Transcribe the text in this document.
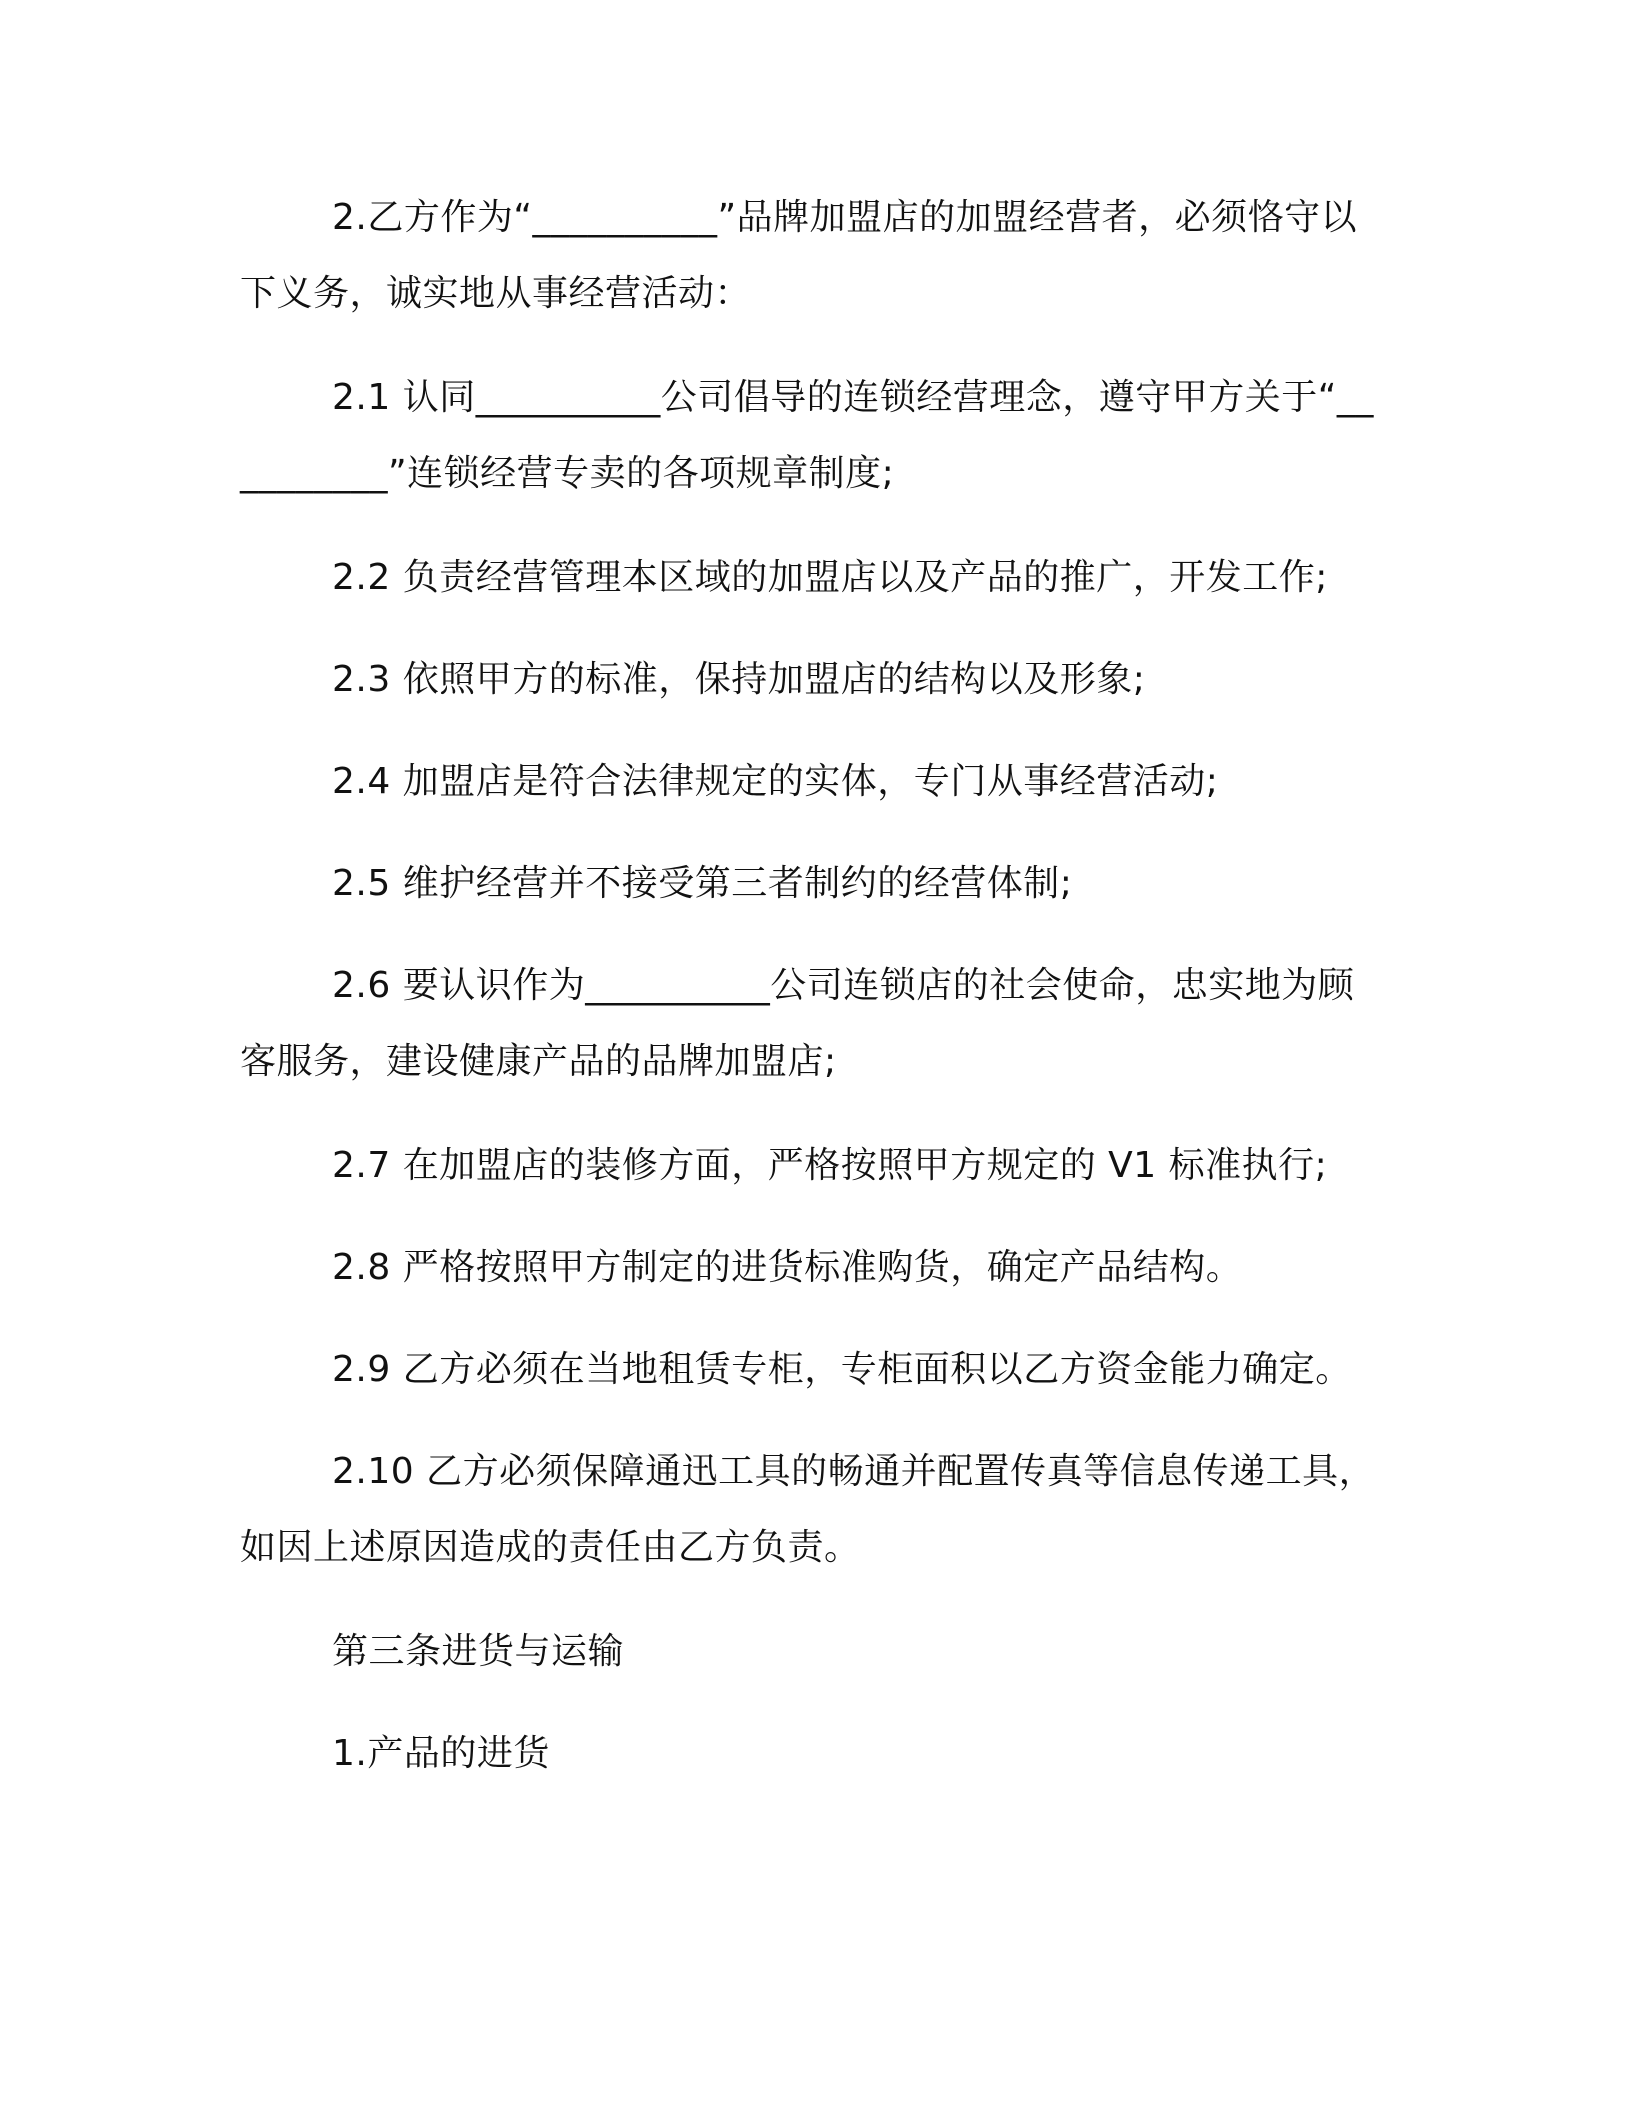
2.乙方作为“__________”品牌加盟店的加盟经营者，必须恪守以下义务，诚实地从事经营活动：

2.1 认同__________公司倡导的连锁经营理念，遵守甲方关于“__________”连锁经营专卖的各项规章制度;

2.2 负责经营管理本区域的加盟店以及产品的推广，开发工作;

2.3 依照甲方的标准，保持加盟店的结构以及形象;

2.4 加盟店是符合法律规定的实体，专门从事经营活动;

2.5 维护经营并不接受第三者制约的经营体制;

2.6 要认识作为__________公司连锁店的社会使命，忠实地为顾客服务，建设健康产品的品牌加盟店;

2.7 在加盟店的装修方面，严格按照甲方规定的 V1 标准执行;

2.8 严格按照甲方制定的进货标准购货，确定产品结构。

2.9 乙方必须在当地租赁专柜，专柜面积以乙方资金能力确定。

2.10 乙方必须保障通迅工具的畅通并配置传真等信息传递工具，如因上述原因造成的责任由乙方负责。

第三条进货与运输

1.产品的进货
